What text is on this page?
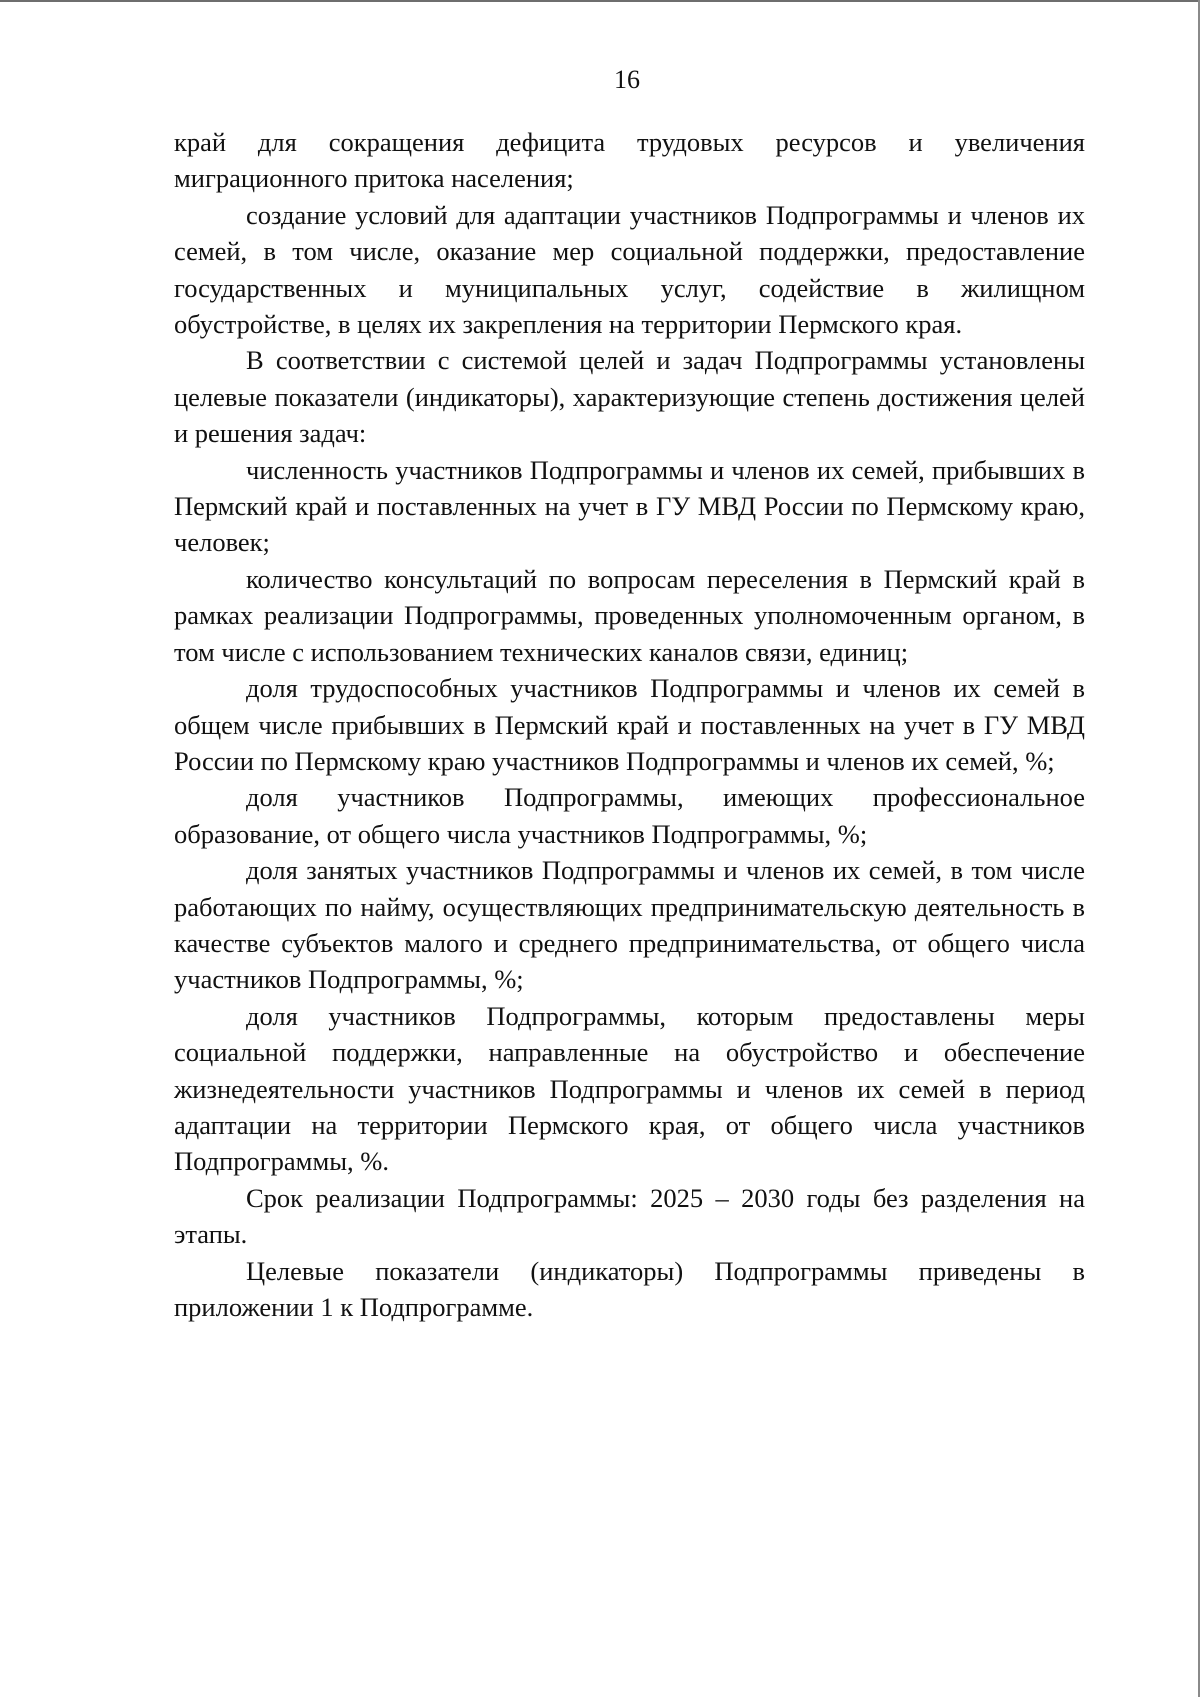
16

край для сокращения дефицита трудовых ресурсов и увеличения миграционного притока населения;

создание условий для адаптации участников Подпрограммы и членов их семей, в том числе, оказание мер социальной поддержки, предоставление государственных и муниципальных услуг, содействие в жилищном обустройстве, в целях их закрепления на территории Пермского края.

В соответствии с системой целей и задач Подпрограммы установлены целевые показатели (индикаторы), характеризующие степень достижения целей и решения задач:

численность участников Подпрограммы и членов их семей, прибывших в Пермский край и поставленных на учет в ГУ МВД России по Пермскому краю, человек;

количество консультаций по вопросам переселения в Пермский край в рамках реализации Подпрограммы, проведенных уполномоченным органом, в том числе с использованием технических каналов связи, единиц;

доля трудоспособных участников Подпрограммы и членов их семей в общем числе прибывших в Пермский край и поставленных на учет в ГУ МВД России по Пермскому краю участников Подпрограммы и членов их семей, %;

доля участников Подпрограммы, имеющих профессиональное образование, от общего числа участников Подпрограммы, %;

доля занятых участников Подпрограммы и членов их семей, в том числе работающих по найму, осуществляющих предпринимательскую деятельность в качестве субъектов малого и среднего предпринимательства, от общего числа участников Подпрограммы, %;

доля участников Подпрограммы, которым предоставлены меры социальной поддержки, направленные на обустройство и обеспечение жизнедеятельности участников Подпрограммы и членов их семей в период адаптации на территории Пермского края, от общего числа участников Подпрограммы, %.

Срок реализации Подпрограммы: 2025 – 2030 годы без разделения на этапы.

Целевые показатели (индикаторы) Подпрограммы приведены в приложении 1 к Подпрограмме.
